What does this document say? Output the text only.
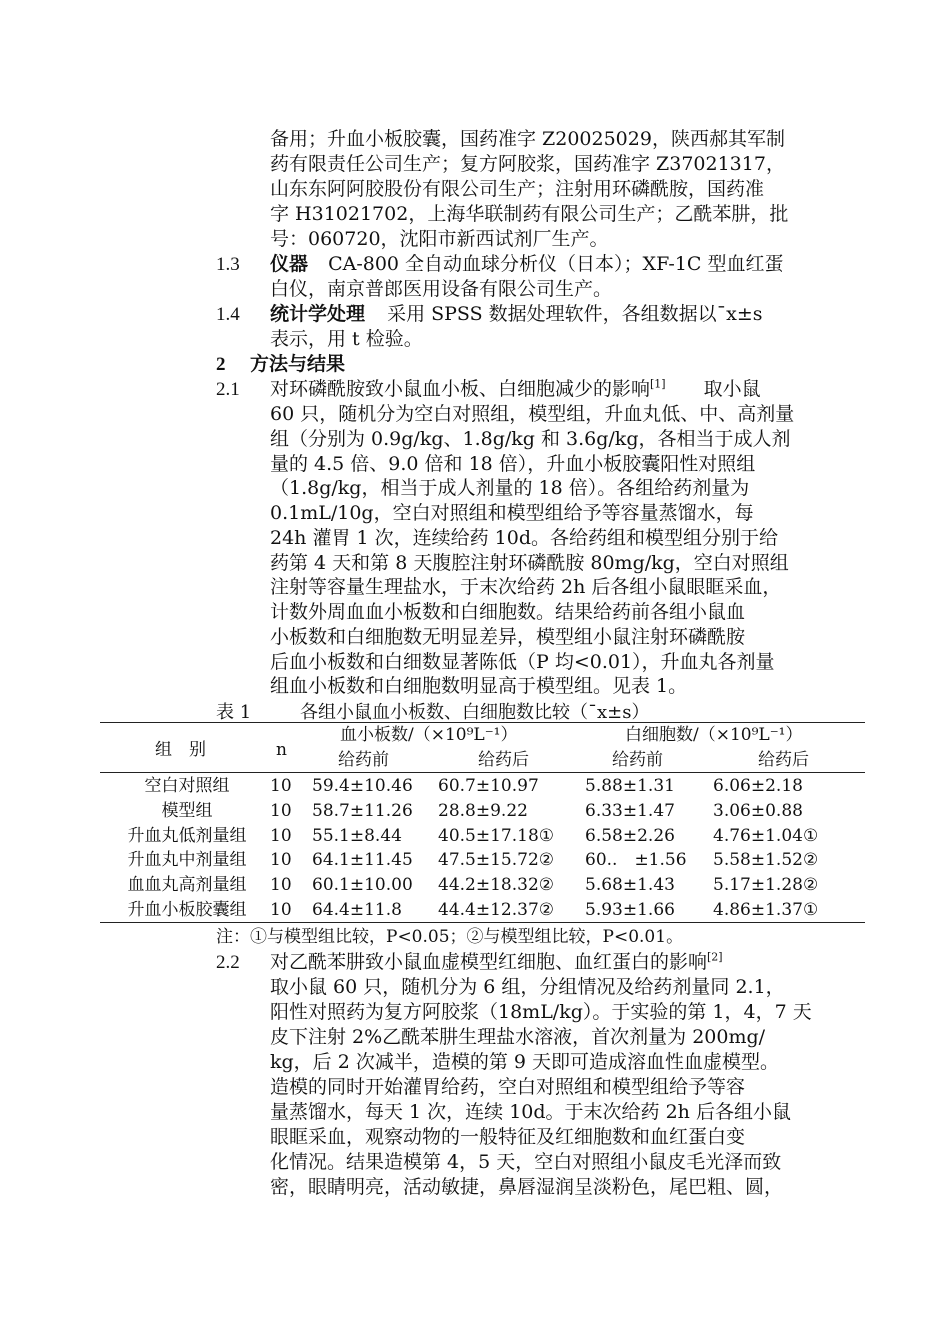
备用；升血小板胶囊，国药准字 Z20025029，陕西郝其军制
药有限责任公司生产；复方阿胶浆，国药准字 Z37021317，
山东东阿阿胶股份有限公司生产；注射用环磷酰胺，国药准
字 H31021702，上海华联制药有限公司生产；乙酰苯肼，批
号：060720，沈阳市新西试剂厂生产。
1.3 仪器 CA-800 全自动血球分析仪（日本）；XF-1C 型血红蛋
白仪，南京普郎医用设备有限公司生产。
1.4 统计学处理 采用 SPSS 数据处理软件，各组数据以¯x±s
表示，用 t 检验。
2 方法与结果
2.1 对环磷酰胺致小鼠血小板、白细胞减少的影响[1] 取小鼠
60 只，随机分为空白对照组，模型组，升血丸低、中、高剂量
组（分别为 0.9g/kg、1.8g/kg 和 3.6g/kg，各相当于成人剂
量的 4.5 倍、9.0 倍和 18 倍），升血小板胶囊阳性对照组
（1.8g/kg，相当于成人剂量的 18 倍）。各组给药剂量为
0.1mL/10g，空白对照组和模型组给予等容量蒸馏水，每
24h 灌胃 1 次，连续给药 10d。各给药组和模型组分别于给
药第 4 天和第 8 天腹腔注射环磷酰胺 80mg/kg，空白对照组
注射等容量生理盐水，于末次给药 2h 后各组小鼠眼眶采血，
计数外周血血小板数和白细胞数。结果给药前各组小鼠血
小板数和白细胞数无明显差异，模型组小鼠注射环磷酰胺
后血小板数和白细数显著陈低（P 均<0.01），升血丸各剂量
组血小板数和白细胞数明显高于模型组。见表 1。
表 1	各组小鼠血小板数、白细胞数比较（¯x±s）
组　别	n
血小板数/（×10⁹L⁻¹）	白细胞数/（×10⁹L⁻¹）
给药前	给药后	给药前	给药后
空白对照组	10 59.4±10.46 60.7±10.97	5.88±1.31 6.06±2.18
模型组	10 58.7±11.26 28.8±9.22	6.33±1.47 3.06±0.88
升血丸低剂量组	10 55.1±8.44 40.5±17.18① 6.58±2.26 4.76±1.04①
升血丸中剂量组	10 64.1±11.45 47.5±15.72② 60..　±1.56 5.58±1.52②
血血丸高剂量组	10 60.1±10.00 44.2±18.32② 5.68±1.43 5.17±1.28②
升血小板胶囊组	10 64.4±11.8 44.4±12.37② 5.93±1.66 4.86±1.37①
注：①与模型组比较，P<0.05；②与模型组比较，P<0.01。
2.2 对乙酰苯肼致小鼠血虚模型红细胞、血红蛋白的影响[2]
取小鼠 60 只，随机分为 6 组，分组情况及给药剂量同 2.1，
阳性对照药为复方阿胶浆（18mL/kg）。于实验的第 1，4，7 天
皮下注射 2%乙酰苯肼生理盐水溶液，首次剂量为 200mg/
kg，后 2 次减半，造模的第 9 天即可造成溶血性血虚模型。
造模的同时开始灌胃给药，空白对照组和模型组给予等容
量蒸馏水，每天 1 次，连续 10d。于末次给药 2h 后各组小鼠
眼眶采血，观察动物的一般特征及红细胞数和血红蛋白变
化情况。结果造模第 4，5 天，空白对照组小鼠皮毛光泽而致
密，眼睛明亮，活动敏捷，鼻唇湿润呈淡粉色，尾巴粗、圆，
